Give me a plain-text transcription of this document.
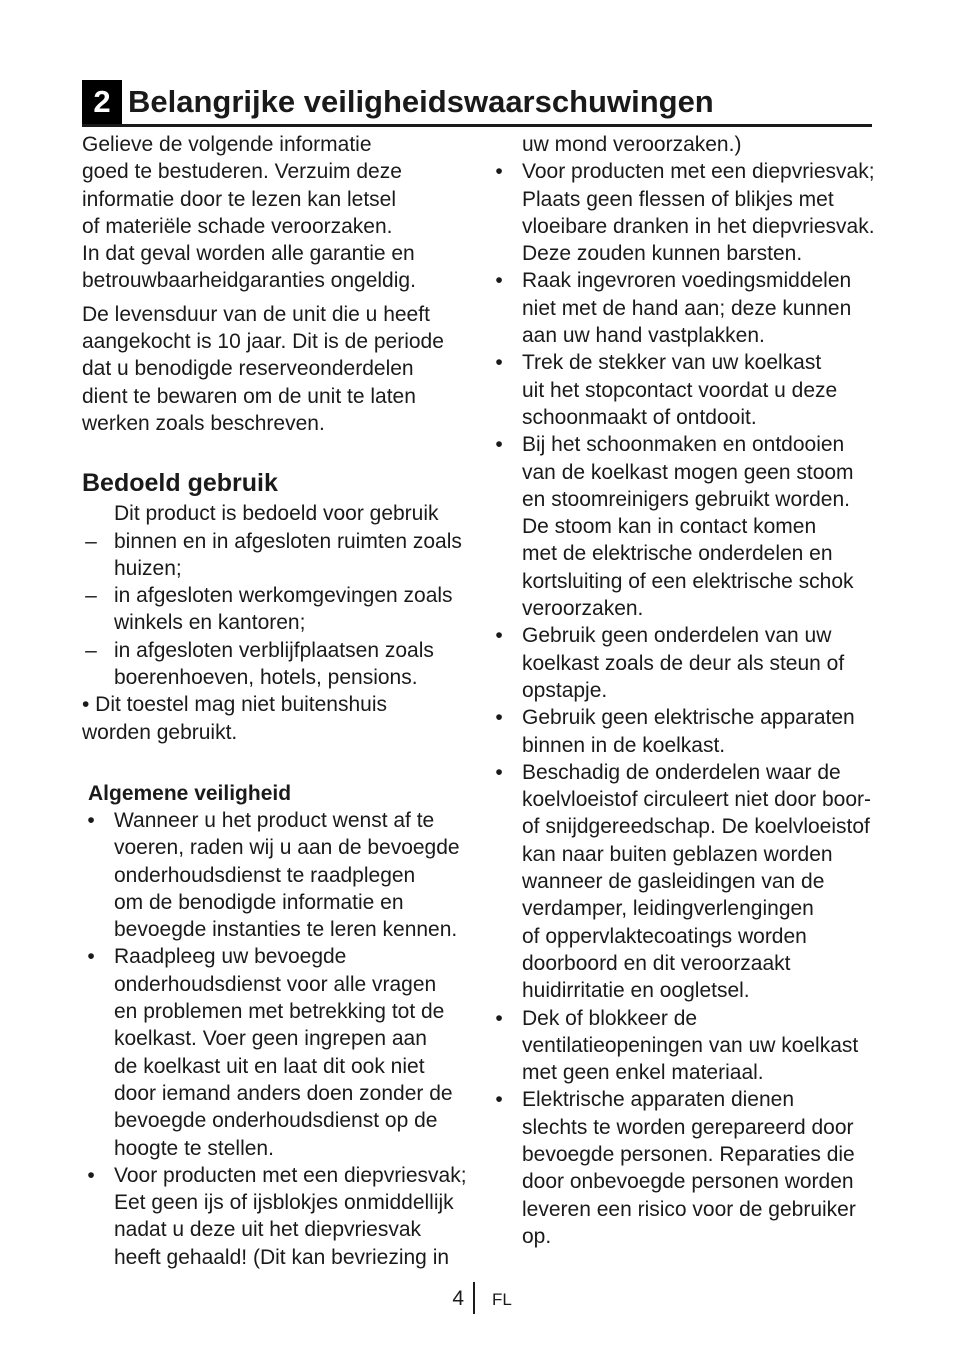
2 Belangrijke veiligheidswaarschuwingen

Gelieve de volgende informatie
goed te bestuderen. Verzuim deze
informatie door te lezen kan letsel
of materiële schade veroorzaken.
In dat geval worden alle garantie en
betrouwbaarheidgaranties ongeldig.

De levensduur van de unit die u heeft
aangekocht is 10 jaar. Dit is de periode
dat u benodigde reserveonderdelen
dient te bewaren om de unit te laten
werken zoals beschreven.

Bedoeld gebruik

Dit product is bedoeld voor gebruik

– binnen en in afgesloten ruimten zoals
huizen;
– in afgesloten werkomgevingen zoals
winkels en kantoren;
– in afgesloten verblijfplaatsen zoals
boerenhoeven, hotels, pensions.

• Dit toestel mag niet buitenshuis
worden gebruikt.

Algemene veiligheid
• Wanneer u het product wenst af te
voeren, raden wij u aan de bevoegde
onderhoudsdienst te raadplegen
om de benodigde informatie en
bevoegde instanties te leren kennen.
• Raadpleeg uw bevoegde
onderhoudsdienst voor alle vragen
en problemen met betrekking tot de
koelkast. Voer geen ingrepen aan
de koelkast uit en laat dit ook niet
door iemand anders doen zonder de
bevoegde onderhoudsdienst op de
hoogte te stellen.
• Voor producten met een diepvriesvak;
Eet geen ijs of ijsblokjes onmiddellijk
nadat u deze uit het diepvriesvak
heeft gehaald! (Dit kan bevriezing in

uw mond veroorzaken.)

• Voor producten met een diepvriesvak;
Plaats geen flessen of blikjes met
vloeibare dranken in het diepvriesvak.
Deze zouden kunnen barsten.
• Raak ingevroren voedingsmiddelen
niet met de hand aan; deze kunnen
aan uw hand vastplakken.
• Trek de stekker van uw koelkast
uit het stopcontact voordat u deze
schoonmaakt of ontdooit.
• Bij het schoonmaken en ontdooien
van de koelkast mogen geen stoom
en stoomreinigers gebruikt worden.
De stoom kan in contact komen
met de elektrische onderdelen en
kortsluiting of een elektrische schok
veroorzaken.
• Gebruik geen onderdelen van uw
koelkast zoals de deur als steun of
opstapje.
• Gebruik geen elektrische apparaten
binnen in de koelkast.
• Beschadig de onderdelen waar de
koelvloeistof circuleert niet door boor-
of snijdgereedschap. De koelvloeistof
kan naar buiten geblazen worden
wanneer de gasleidingen van de
verdamper, leidingverlengingen
of oppervlaktecoatings worden
doorboord en dit veroorzaakt
huidirritatie en oogletsel.
• Dek of blokkeer de
ventilatieopeningen van uw koelkast
met geen enkel materiaal.
• Elektrische apparaten dienen
slechts te worden gerepareerd door
bevoegde personen. Reparaties die
door onbevoegde personen worden
leveren een risico voor de gebruiker
op.
4 FL
